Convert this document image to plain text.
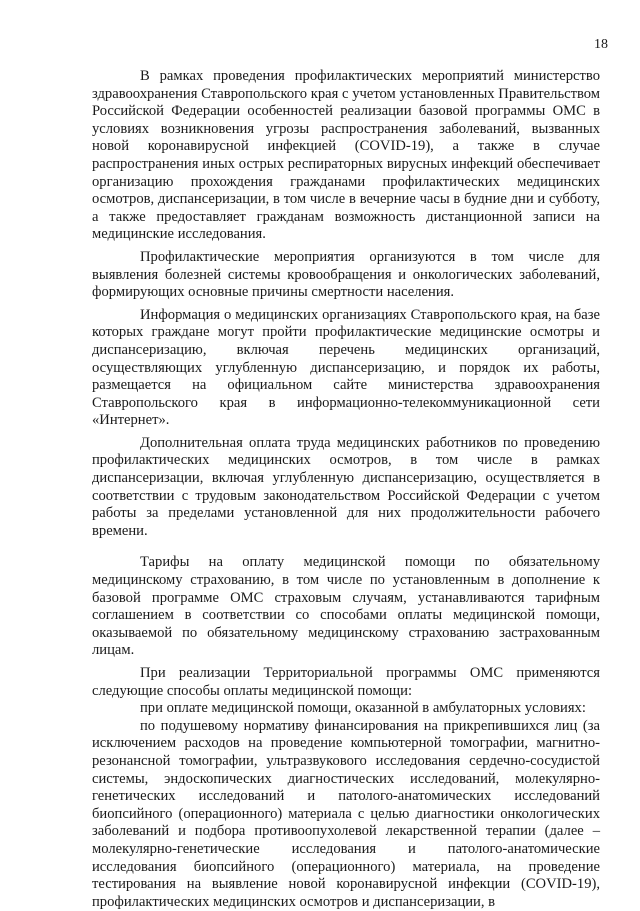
18

В рамках проведения профилактических мероприятий министерство здравоохранения Ставропольского края с учетом установленных Правительством Российской Федерации особенностей реализации базовой программы ОМС в условиях возникновения угрозы распространения заболеваний, вызванных новой коронавирусной инфекцией (COVID-19), а также в случае распространения иных острых респираторных вирусных инфекций обеспечивает организацию прохождения гражданами профилактических медицинских осмотров, диспансеризации, в том числе в вечерние часы в будние дни и субботу, а также предоставляет гражданам возможность дистанционной записи на медицинские исследования.

Профилактические мероприятия организуются в том числе для выявления болезней системы кровообращения и онкологических заболеваний, формирующих основные причины смертности населения.

Информация о медицинских организациях Ставропольского края, на базе которых граждане могут пройти профилактические медицинские осмотры и диспансеризацию, включая перечень медицинских организаций, осуществляющих углубленную диспансеризацию, и порядок их работы, размещается на официальном сайте министерства здравоохранения Ставропольского края в информационно-телекоммуникационной сети «Интернет».

Дополнительная оплата труда медицинских работников по проведению профилактических медицинских осмотров, в том числе в рамках диспансеризации, включая углубленную диспансеризацию, осуществляется в соответствии с трудовым законодательством Российской Федерации с учетом работы за пределами установленной для них продолжительности рабочего времени.

Тарифы на оплату медицинской помощи по обязательному медицинскому страхованию, в том числе по установленным в дополнение к базовой программе ОМС страховым случаям, устанавливаются тарифным соглашением в соответствии со способами оплаты медицинской помощи, оказываемой по обязательному медицинскому страхованию застрахованным лицам.

При реализации Территориальной программы ОМС применяются следующие способы оплаты медицинской помощи:

при оплате медицинской помощи, оказанной в амбулаторных условиях:

по подушевому нормативу финансирования на прикрепившихся лиц (за исключением расходов на проведение компьютерной томографии, магнитно-резонансной томографии, ультразвукового исследования сердечно-сосудистой системы, эндоскопических диагностических исследований, молекулярно-генетических исследований и патолого-анатомических исследований биопсийного (операционного) материала с целью диагностики онкологических заболеваний и подбора противоопухолевой лекарственной терапии (далее – молекулярно-генетические исследования и патолого-анатомические исследования биопсийного (операционного) материала, на проведение тестирования на выявление новой коронавирусной инфекции (COVID-19), профилактических медицинских осмотров и диспансеризации, в
